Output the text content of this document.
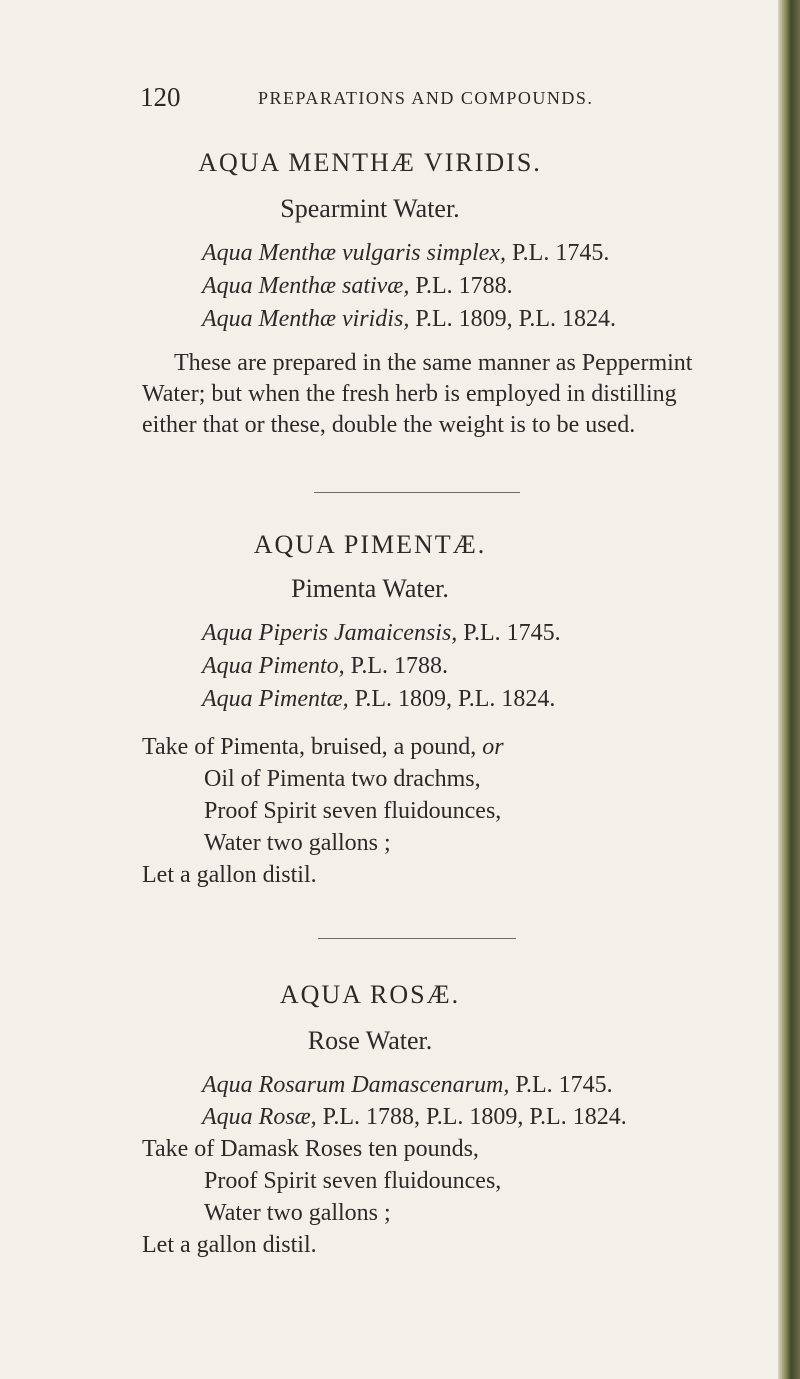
120	PREPARATIONS AND COMPOUNDS.
AQUA MENTHÆ VIRIDIS.
Spearmint Water.
Aqua Menthæ vulgaris simplex, P.L. 1745.
Aqua Menthæ sativæ, P.L. 1788.
Aqua Menthæ viridis, P.L. 1809, P.L. 1824.
These are prepared in the same manner as Peppermint
Water; but when the fresh herb is employed in distilling
either that or these, double the weight is to be used.
AQUA PIMENTÆ.
Pimenta Water.
Aqua Piperis Jamaicensis, P.L. 1745.
Aqua Pimento, P.L. 1788.
Aqua Pimentæ, P.L. 1809, P.L. 1824.
Take of Pimenta, bruised, a pound, or
Oil of Pimenta two drachms,
Proof Spirit seven fluidounces,
Water two gallons ;
Let a gallon distil.
AQUA ROSÆ.
Rose Water.
Aqua Rosarum Damascenarum, P.L. 1745.
Aqua Rosæ, P.L. 1788, P.L. 1809, P.L. 1824.
Take of Damask Roses ten pounds,
Proof Spirit seven fluidounces,
Water two gallons ;
Let a gallon distil.
